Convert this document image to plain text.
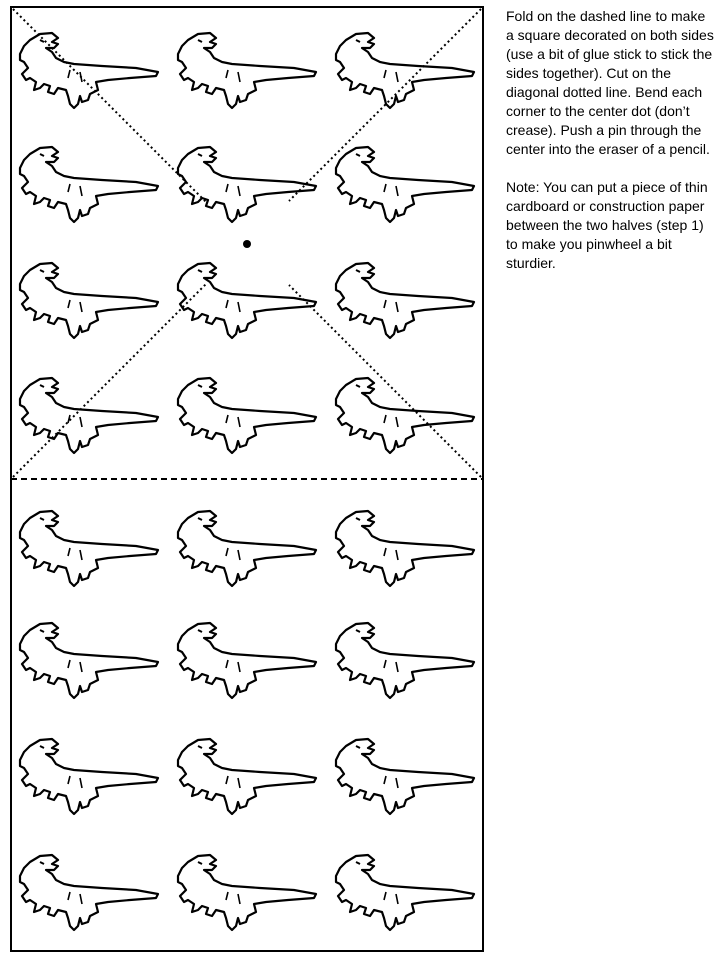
Fold on the dashed line to make a square decorated on both sides (use a bit of glue stick to stick the sides together). Cut on the diagonal dotted line. Bend each corner to the center dot (don’t crease). Push a pin through the center into the eraser of a pencil.

Note: You can put a piece of thin cardboard or construction paper between the two halves (step 1) to make you pinwheel a bit sturdier.
